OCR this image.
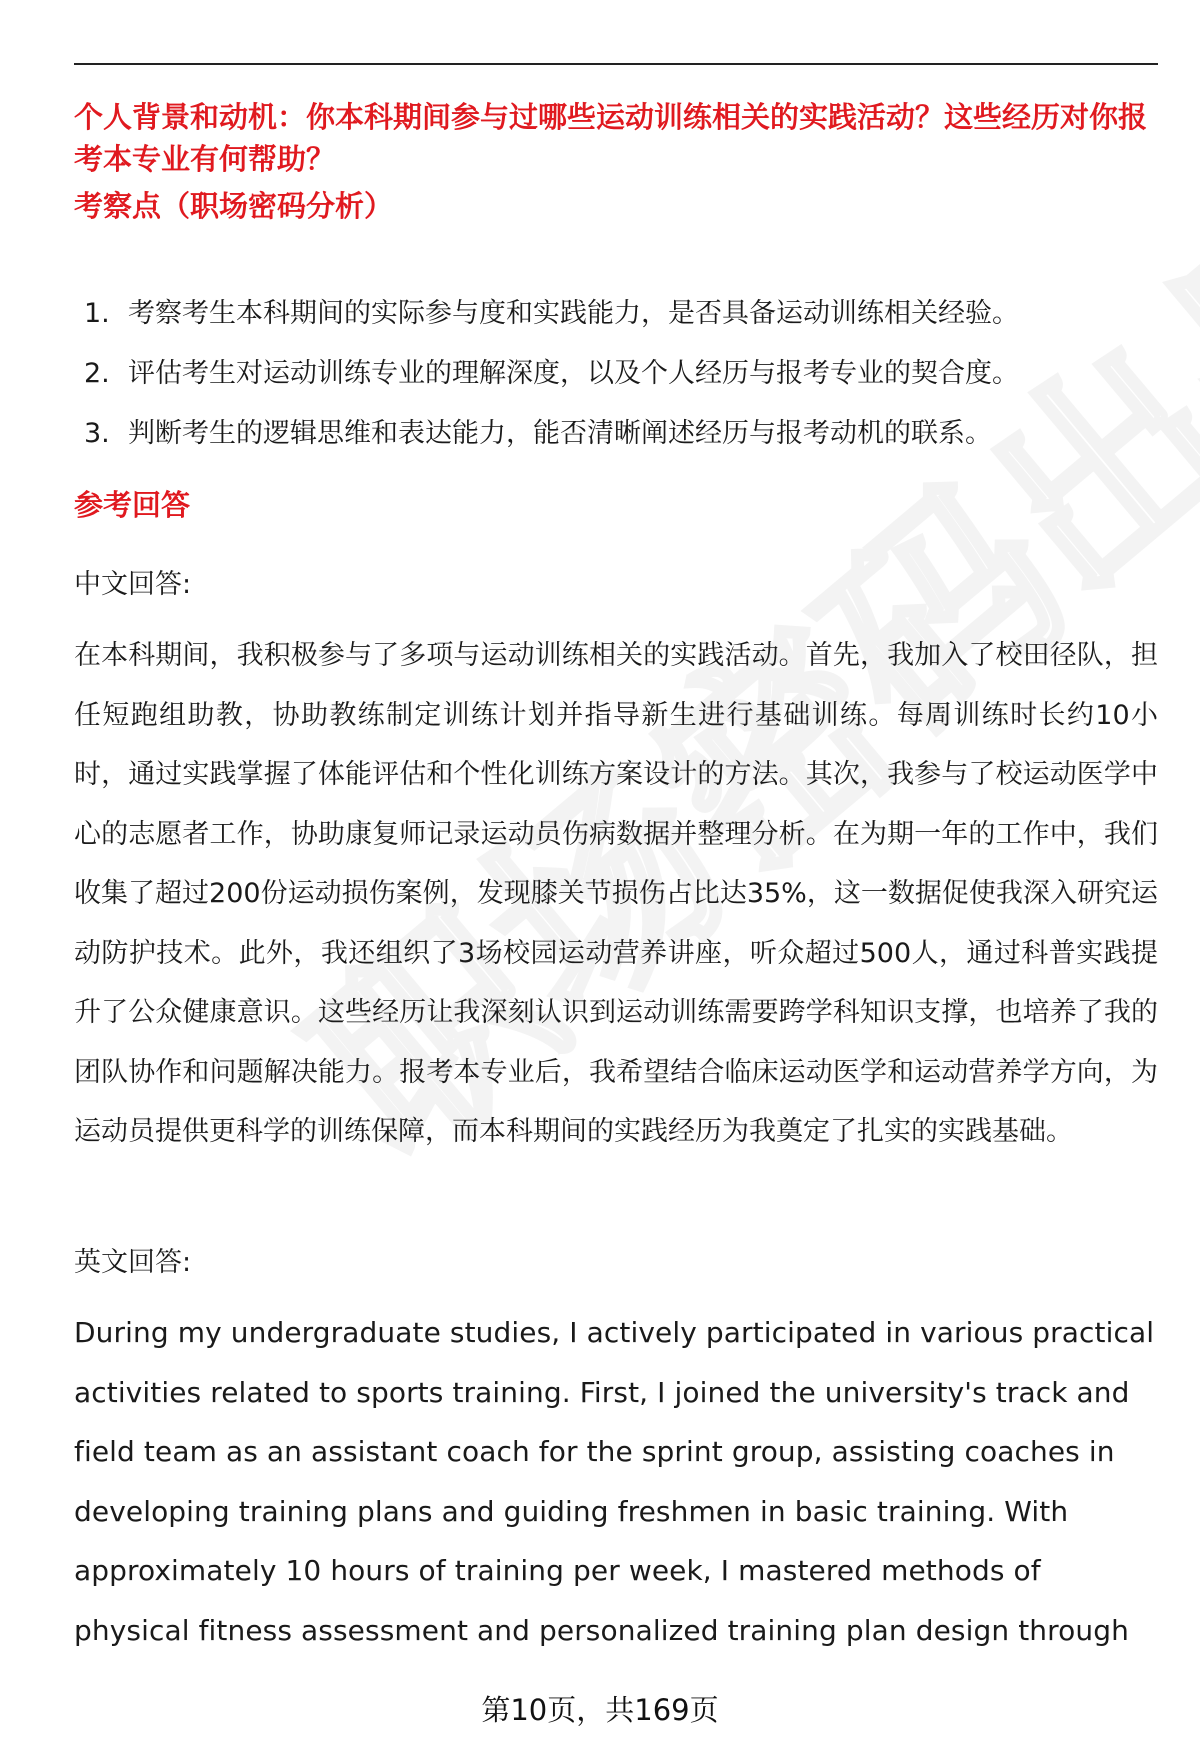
个人背景和动机：你本科期间参与过哪些运动训练相关的实践活动？这些经历对你报考本专业有何帮助？

考察点（职场密码分析）

1. 考察考生本科期间的实际参与度和实践能力，是否具备运动训练相关经验。
2. 评估考生对运动训练专业的理解深度，以及个人经历与报考专业的契合度。
3. 判断考生的逻辑思维和表达能力，能否清晰阐述经历与报考动机的联系。

参考回答

中文回答:

在本科期间，我积极参与了多项与运动训练相关的实践活动。首先，我加入了校田径队，担任短跑组助教，协助教练制定训练计划并指导新生进行基础训练。每周训练时长约10小时，通过实践掌握了体能评估和个性化训练方案设计的方法。其次，我参与了校运动医学中心的志愿者工作，协助康复师记录运动员伤病数据并整理分析。在为期一年的工作中，我们收集了超过200份运动损伤案例，发现膝关节损伤占比达35%，这一数据促使我深入研究运动防护技术。此外，我还组织了3场校园运动营养讲座，听众超过500人，通过科普实践提升了公众健康意识。这些经历让我深刻认识到运动训练需要跨学科知识支撑，也培养了我的团队协作和问题解决能力。报考本专业后，我希望结合临床运动医学和运动营养学方向，为运动员提供更科学的训练保障，而本科期间的实践经历为我奠定了扎实的实践基础。

英文回答:

During my undergraduate studies, I actively participated in various practical activities related to sports training. First, I joined the university's track and field team as an assistant coach for the sprint group, assisting coaches in developing training plans and guiding freshmen in basic training. With approximately 10 hours of training per week, I mastered methods of physical fitness assessment and personalized training plan design through

第10页，共169页
